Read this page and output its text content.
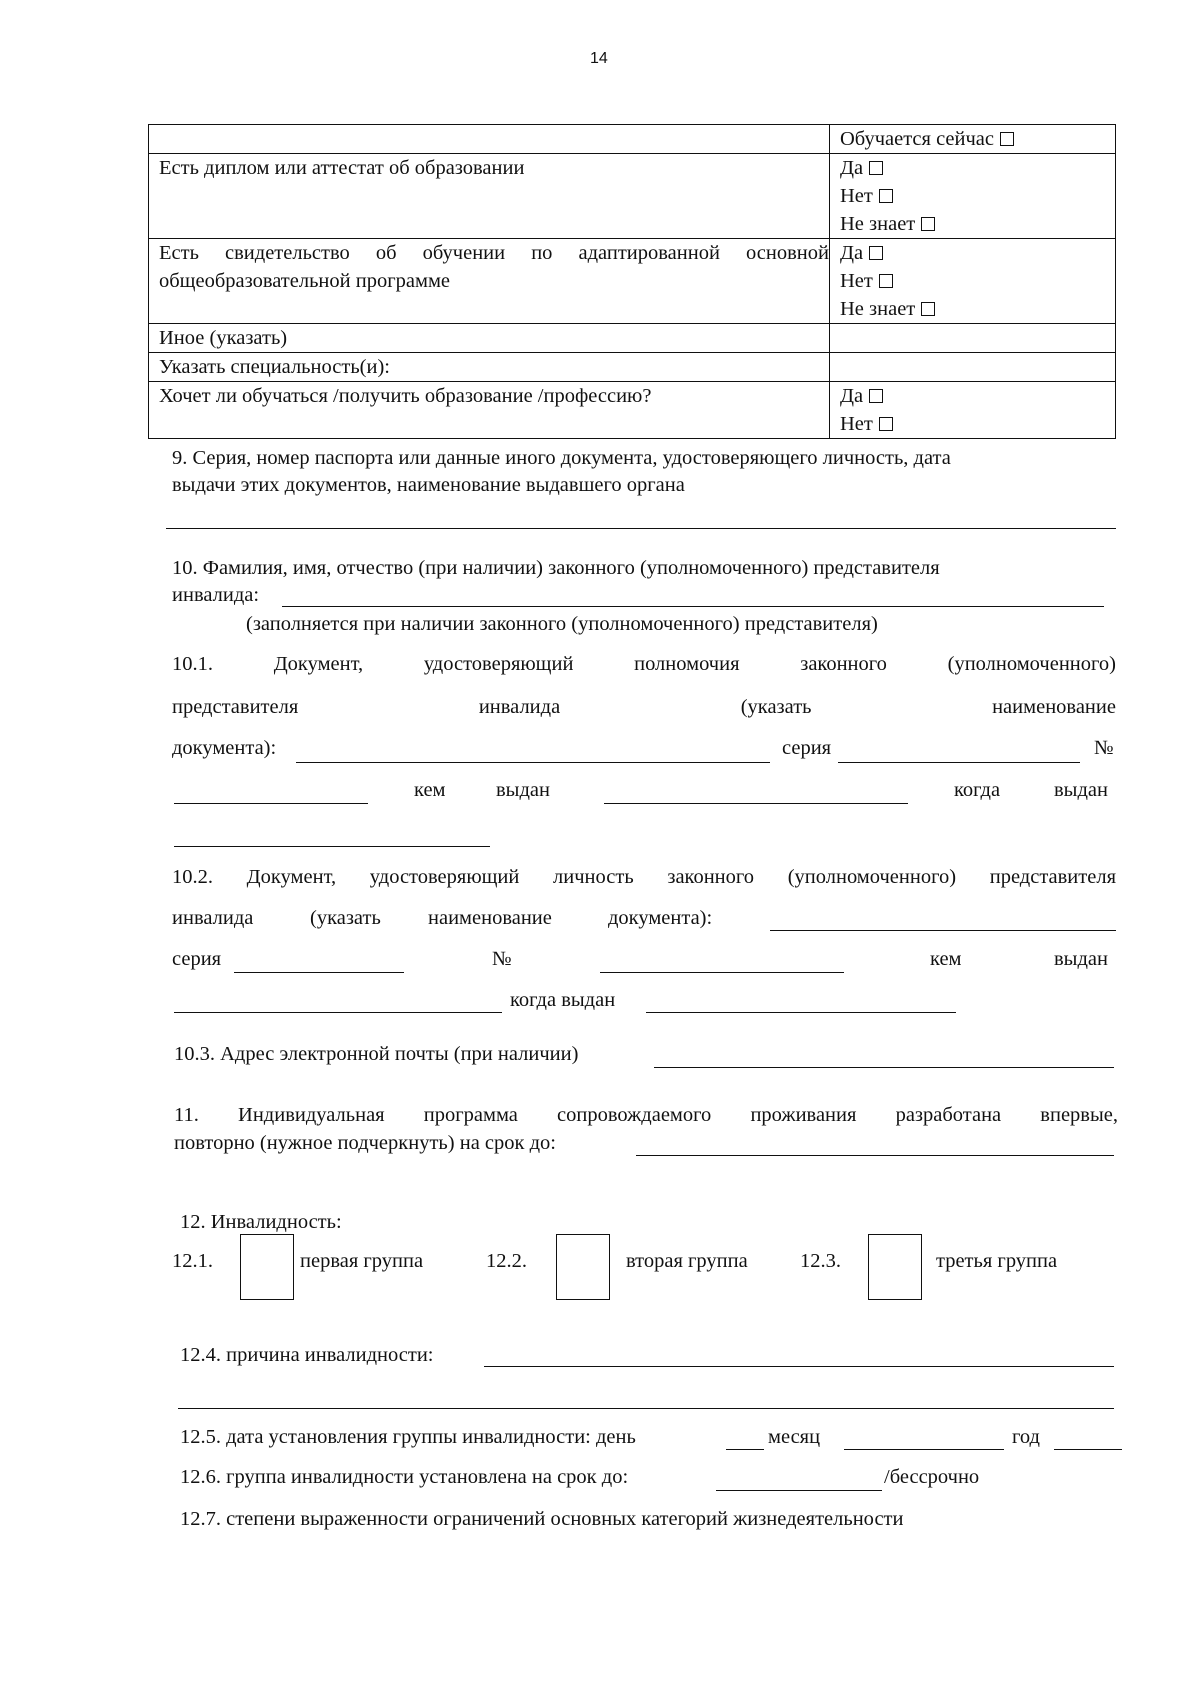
14

	Обучается сейчас

Есть диплом или аттестат об образовании	Да
Нет
Не знает

Есть свидетельство об обучении по адаптированной основной общеобразовательной программе	Да
Нет
Не знает

Иное (указать)	
Указать специальность(и):	
Хочет ли обучаться /получить образование /профессию?	Да
Нет
9. Серия, номер паспорта или данные иного документа, удостоверяющего личность, дата
выдачи этих документов, наименование выдавшего органа
10. Фамилия, имя, отчество (при наличии) законного (уполномоченного) представителя
инвалида:
(заполняется при наличии законного (уполномоченного) представителя)
10.1.	Документ,	удостоверяющий	полномочия	законного	(уполномоченного)
представителя	инвалида	(указать	наименование
документа):	серия	№
кем выдан	когда	выдан
10.2. Документ, удостоверяющий личность законного (уполномоченного) представителя
инвалида	(указать наименование	документа):
серия	№	кем	выдан
когда выдан
10.3. Адрес электронной почты (при наличии)
11. Индивидуальная программа сопровождаемого проживания разработана впервые,
повторно (нужное подчеркнуть) на срок до:
12. Инвалидность:
12.1.	первая группа	12.2.	вторая группа	12.3.	третья группа
12.4. причина инвалидности:
12.5. дата установления группы инвалидности: день	месяц	год
12.6. группа инвалидности установлена на срок до:	/бессрочно
12.7. степени выраженности ограничений основных категорий жизнедеятельности
